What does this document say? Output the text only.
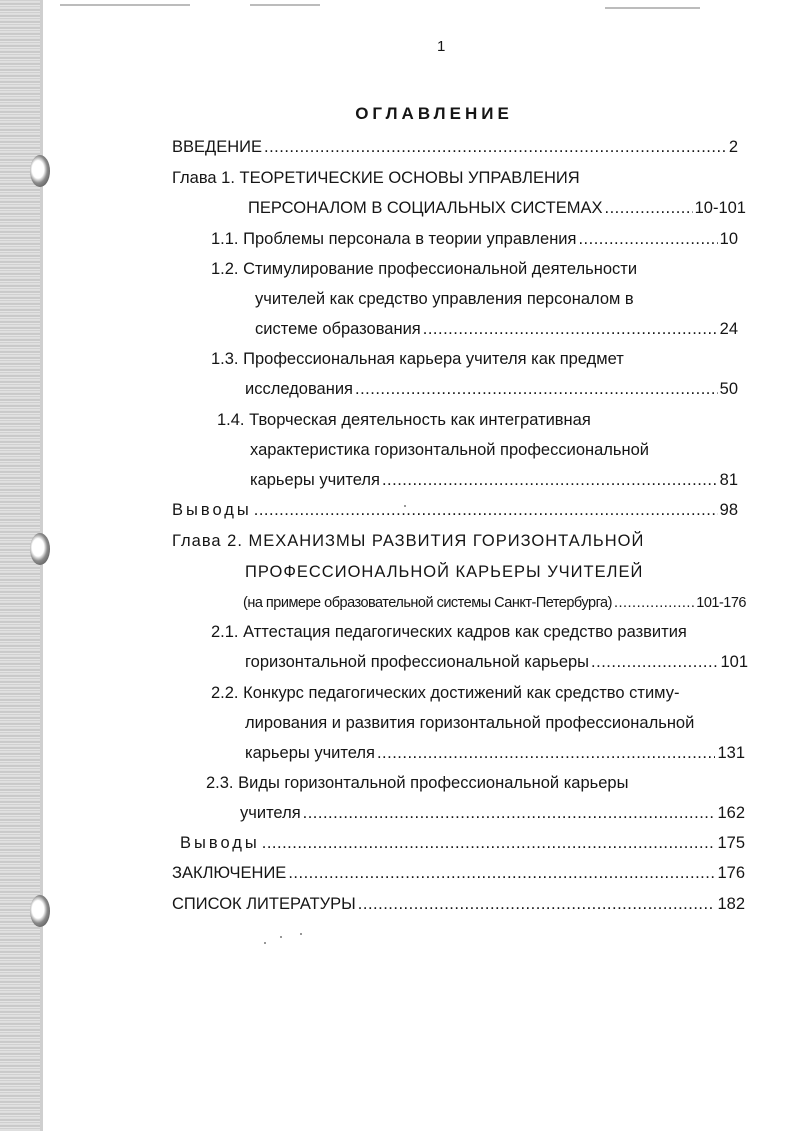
1
ОГЛАВЛЕНИЕ
ВВЕДЕНИЕ .....	2
Глава 1. ТЕОРЕТИЧЕСКИЕ ОСНОВЫ УПРАВЛЕНИЯ
ПЕРСОНАЛОМ В СОЦИАЛЬНЫХ СИСТЕМАХ .....	10-101
1.1. Проблемы персонала в теории управления .....	10
1.2. Стимулирование профессиональной деятельности
учителей как средство управления персоналом в
системе образования .....	24
1.3. Профессиональная карьера учителя как предмет
исследования .....	50
1.4. Творческая деятельность как интегративная
характеристика горизонтальной профессиональной
карьеры учителя .....	81
Выводы .....	98
Глава 2. МЕХАНИЗМЫ РАЗВИТИЯ ГОРИЗОНТАЛЬНОЙ
ПРОФЕССИОНАЛЬНОЙ КАРЬЕРЫ УЧИТЕЛЕЙ
(на примере образовательной системы Санкт-Петербурга) .....	101-176
2.1. Аттестация педагогических кадров как средство развития
горизонтальной профессиональной карьеры .....	101
2.2. Конкурс педагогических достижений как средство стиму-
лирования и развития горизонтальной профессиональной
карьеры учителя .....	131
2.3. Виды горизонтальной профессиональной карьеры
учителя .....	162
Выводы .....	175
ЗАКЛЮЧЕНИЕ .....	176
СПИСОК ЛИТЕРАТУРЫ .....	182
